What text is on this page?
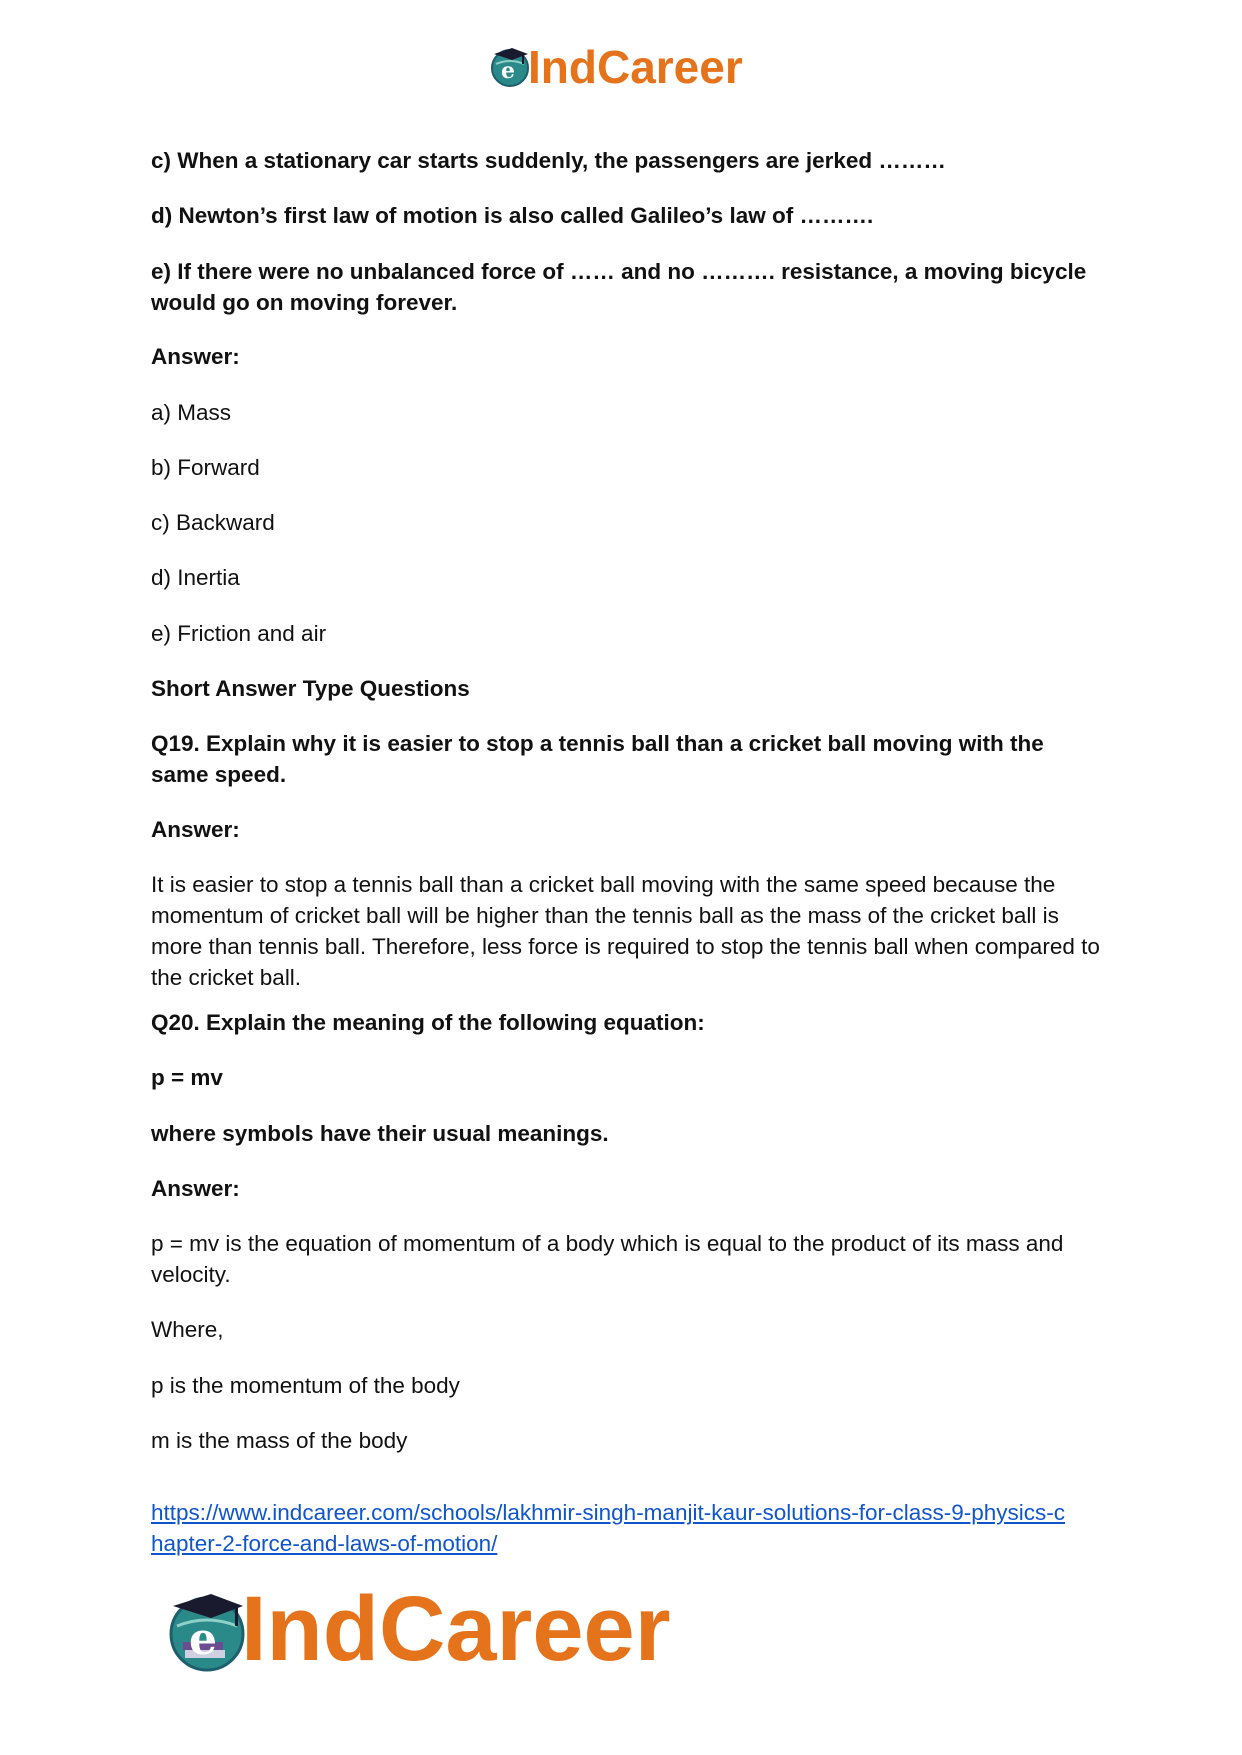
e IndCareer

c) When a stationary car starts suddenly, the passengers are jerked ………

d) Newton’s first law of motion is also called Galileo’s law of ……….

e) If there were no unbalanced force of …… and no ………. resistance, a moving bicycle would go on moving forever.

Answer:

a) Mass

b) Forward

c) Backward

d) Inertia

e) Friction and air

Short Answer Type Questions

Q19. Explain why it is easier to stop a tennis ball than a cricket ball moving with the same speed.

Answer:

It is easier to stop a tennis ball than a cricket ball moving with the same speed because the momentum of cricket ball will be higher than the tennis ball as the mass of the cricket ball is more than tennis ball. Therefore, less force is required to stop the tennis ball when compared to the cricket ball.

Q20. Explain the meaning of the following equation:

p = mv

where symbols have their usual meanings.

Answer:

p = mv is the equation of momentum of a body which is equal to the product of its mass and velocity.

Where,

p is the momentum of the body

m is the mass of the body

https://www.indcareer.com/schools/lakhmir-singh-manjit-kaur-solutions-for-class-9-physics-c
hapter-2-force-and-laws-of-motion/
e IndCareer
